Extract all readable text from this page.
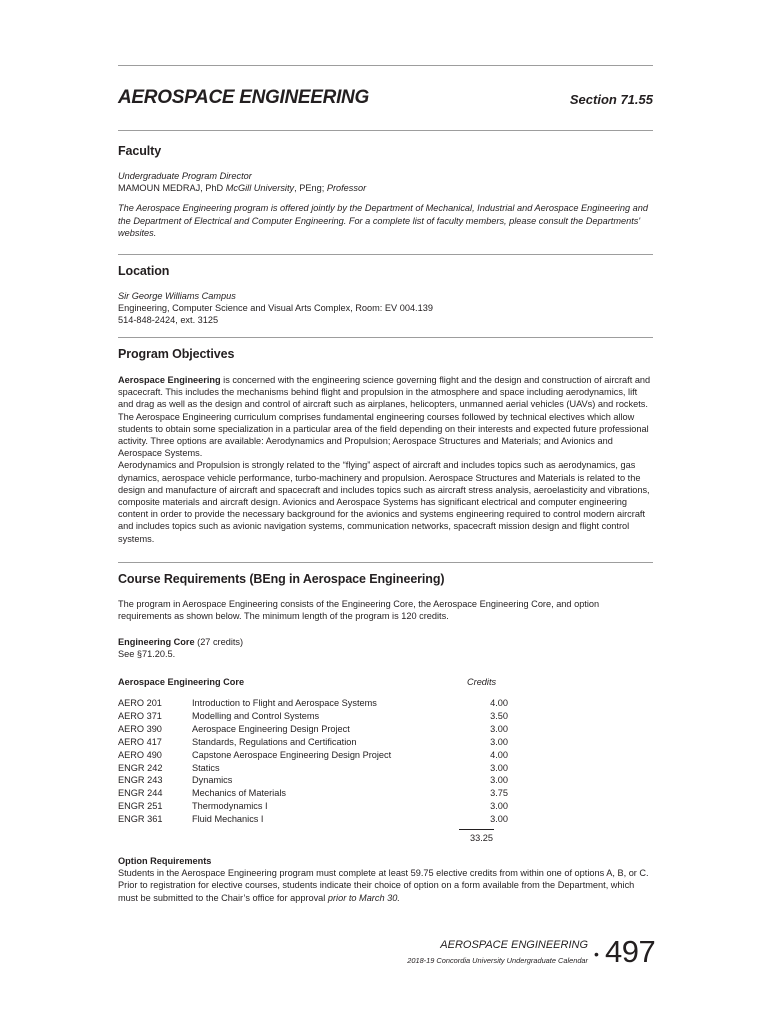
AEROSPACE ENGINEERING	Section 71.55
Faculty

Undergraduate Program Director

MAMOUN MEDRAJ, PhD McGill University, PEng; Professor

The Aerospace Engineering program is offered jointly by the Department of Mechanical, Industrial and Aerospace Engineering and the Department of Electrical and Computer Engineering. For a complete list of faculty members, please consult the Departments' websites.

Location

Sir George Williams Campus

Engineering, Computer Science and Visual Arts Complex, Room: EV 004.139

514-848-2424, ext. 3125

Program Objectives

Aerospace Engineering is concerned with the engineering science governing flight and the design and construction of aircraft and spacecraft. This includes the mechanisms behind flight and propulsion in the atmosphere and space including aerodynamics, lift and drag as well as the design and control of aircraft such as airplanes, helicopters, unmanned aerial vehicles (UAVs) and rockets. The Aerospace Engineering curriculum comprises fundamental engineering courses followed by technical electives which allow students to obtain some specialization in a particular area of the field depending on their interests and expected future professional activity. Three options are available: Aerodynamics and Propulsion; Aerospace Structures and Materials; and Avionics and Aerospace Systems.

Aerodynamics and Propulsion is strongly related to the “flying” aspect of aircraft and includes topics such as aerodynamics, gas dynamics, aerospace vehicle performance, turbo-machinery and propulsion. Aerospace Structures and Materials is related to the design and manufacture of aircraft and spacecraft and includes topics such as aircraft stress analysis, aeroelasticity and vibrations, composite materials and aircraft design. Avionics and Aerospace Systems has significant electrical and computer engineering content in order to provide the necessary background for the avionics and systems engineering required to control modern aircraft and includes topics such as avionic navigation systems, communication networks, spacecraft mission design and flight control systems.

Course Requirements (BEng in Aerospace Engineering)
The program in Aerospace Engineering consists of the Engineering Core, the Aerospace Engineering Core, and option requirements as shown below. The minimum length of the program is 120 credits.

Engineering Core (27 credits)

See §71.20.5.

Aerospace Engineering Core	Credits
AERO 201	Introduction to Flight and Aerospace Systems	4.00
AERO 371	Modelling and Control Systems	3.50
AERO 390	Aerospace Engineering Design Project	3.00
AERO 417	Standards, Regulations and Certification	3.00
AERO 490	Capstone Aerospace Engineering Design Project	4.00
ENGR 242	Statics	3.00
ENGR 243	Dynamics	3.00
ENGR 244	Mechanics of Materials	3.75
ENGR 251	Thermodynamics I	3.00
ENGR 361	Fluid Mechanics I	3.00
33.25

Option Requirements

Students in the Aerospace Engineering program must complete at least 59.75 elective credits from within one of options A, B, or C. Prior to registration for elective courses, students indicate their choice of option on a form available from the Department, which must be submitted to the Chair’s office for approval prior to March 30.

AEROSPACE ENGINEERING
2018-19 Concordia University Undergraduate Calendar • 497
